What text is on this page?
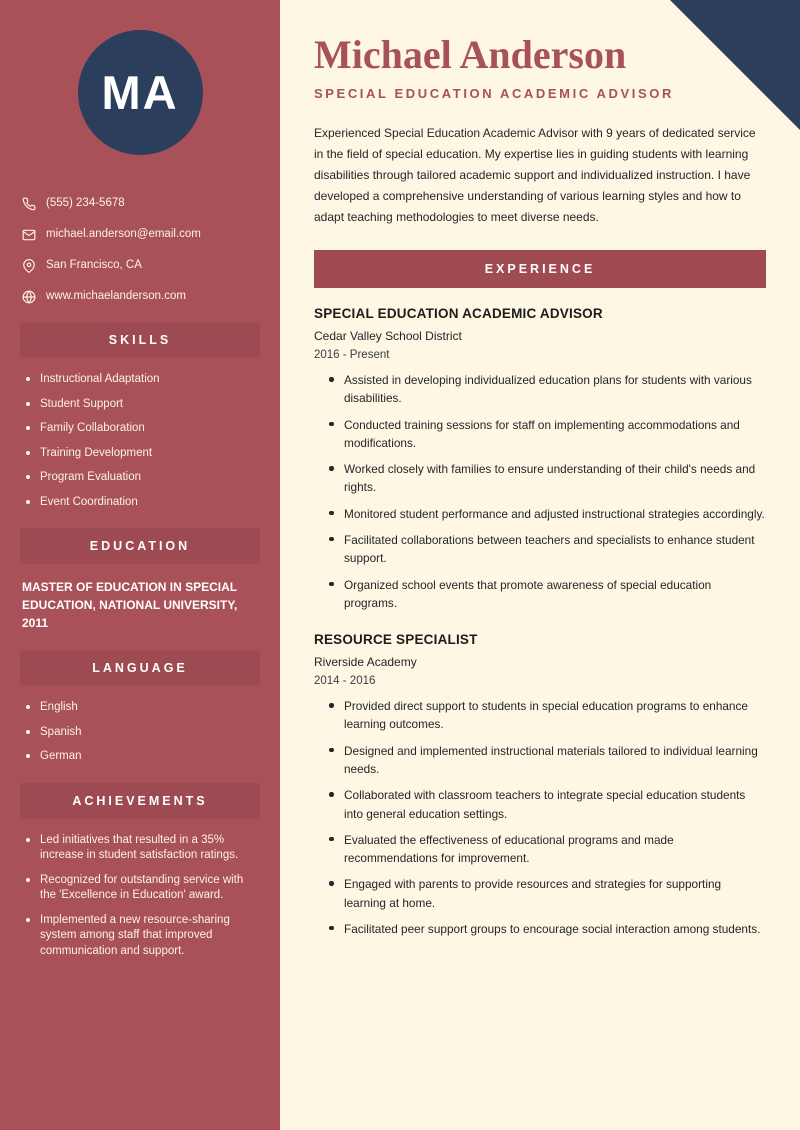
MA
(555) 234-5678
michael.anderson@email.com
San Francisco, CA
www.michaelanderson.com
SKILLS
Instructional Adaptation
Student Support
Family Collaboration
Training Development
Program Evaluation
Event Coordination
EDUCATION
MASTER OF EDUCATION IN SPECIAL EDUCATION, NATIONAL UNIVERSITY, 2011
LANGUAGE
English
Spanish
German
ACHIEVEMENTS
Led initiatives that resulted in a 35% increase in student satisfaction ratings.
Recognized for outstanding service with the 'Excellence in Education' award.
Implemented a new resource-sharing system among staff that improved communication and support.
Michael Anderson
SPECIAL EDUCATION ACADEMIC ADVISOR

Experienced Special Education Academic Advisor with 9 years of dedicated service in the field of special education. My expertise lies in guiding students with learning disabilities through tailored academic support and individualized instruction. I have developed a comprehensive understanding of various learning styles and how to adapt teaching methodologies to meet diverse needs.

EXPERIENCE
SPECIAL EDUCATION ACADEMIC ADVISOR
Cedar Valley School District
2016 - Present
Assisted in developing individualized education plans for students with various disabilities.
Conducted training sessions for staff on implementing accommodations and modifications.
Worked closely with families to ensure understanding of their child's needs and rights.
Monitored student performance and adjusted instructional strategies accordingly.
Facilitated collaborations between teachers and specialists to enhance student support.
Organized school events that promote awareness of special education programs.
RESOURCE SPECIALIST
Riverside Academy
2014 - 2016
Provided direct support to students in special education programs to enhance learning outcomes.
Designed and implemented instructional materials tailored to individual learning needs.
Collaborated with classroom teachers to integrate special education students into general education settings.
Evaluated the effectiveness of educational programs and made recommendations for improvement.
Engaged with parents to provide resources and strategies for supporting learning at home.
Facilitated peer support groups to encourage social interaction among students.
